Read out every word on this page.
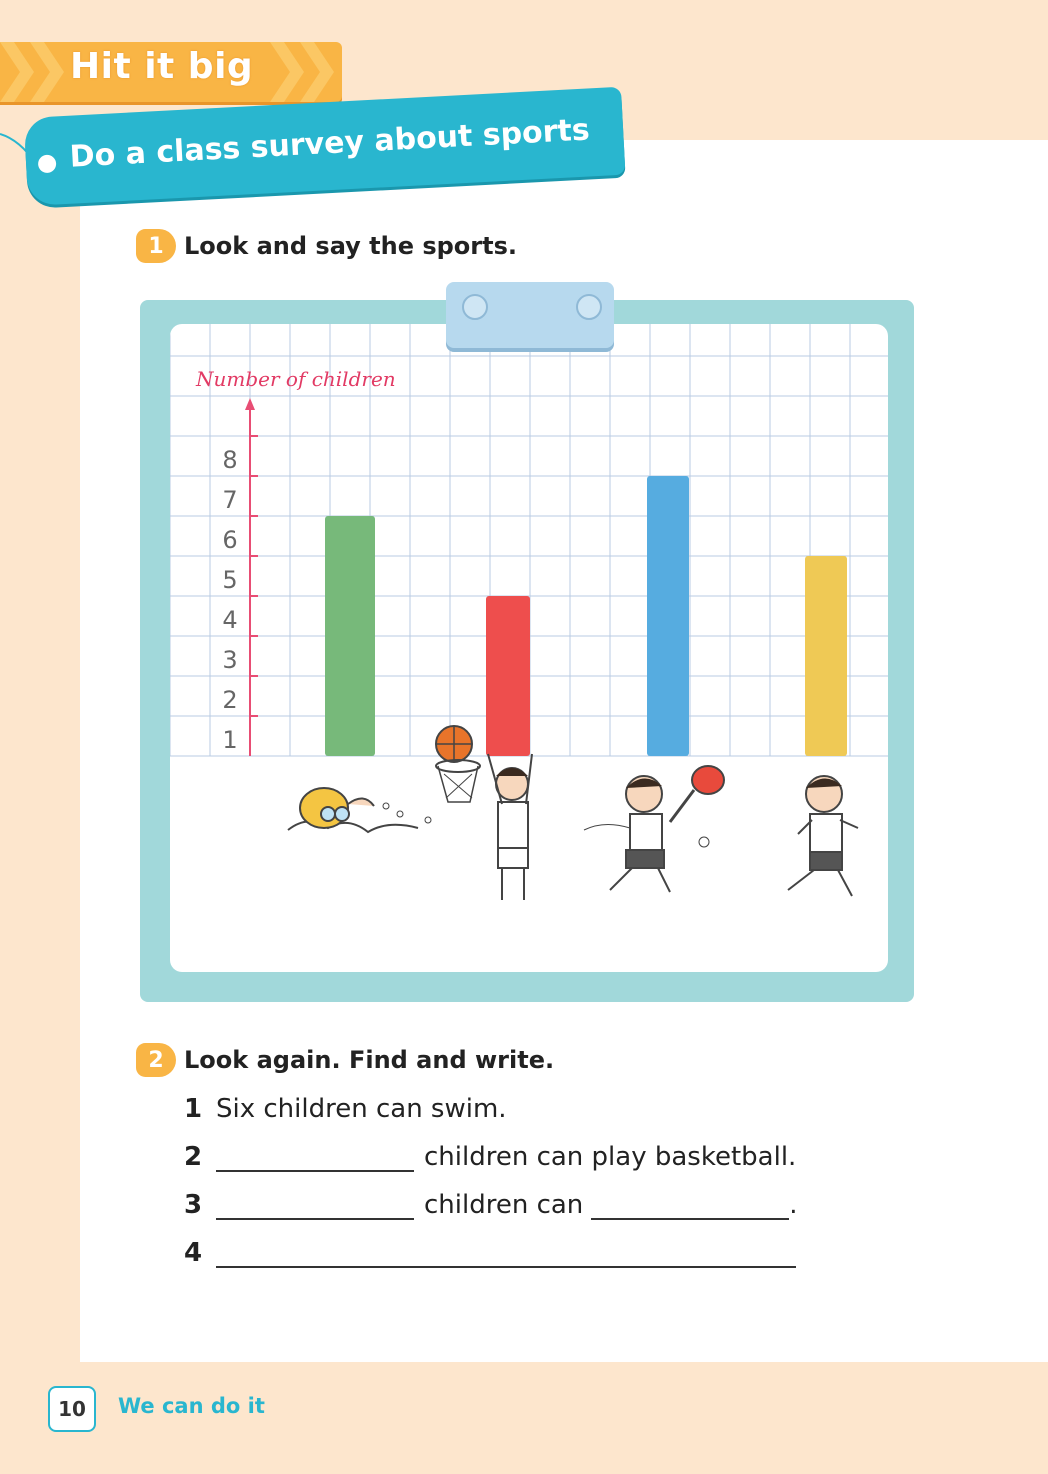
Hit it big
Do a class survey about sports
1 Look and say the sports.
Number of children
1
2
3
4
5
6
7
8
2 Look again. Find and write.
1 Six children can swim.
2	children can play basketball.
3	children can	.
4
10	We can do it
